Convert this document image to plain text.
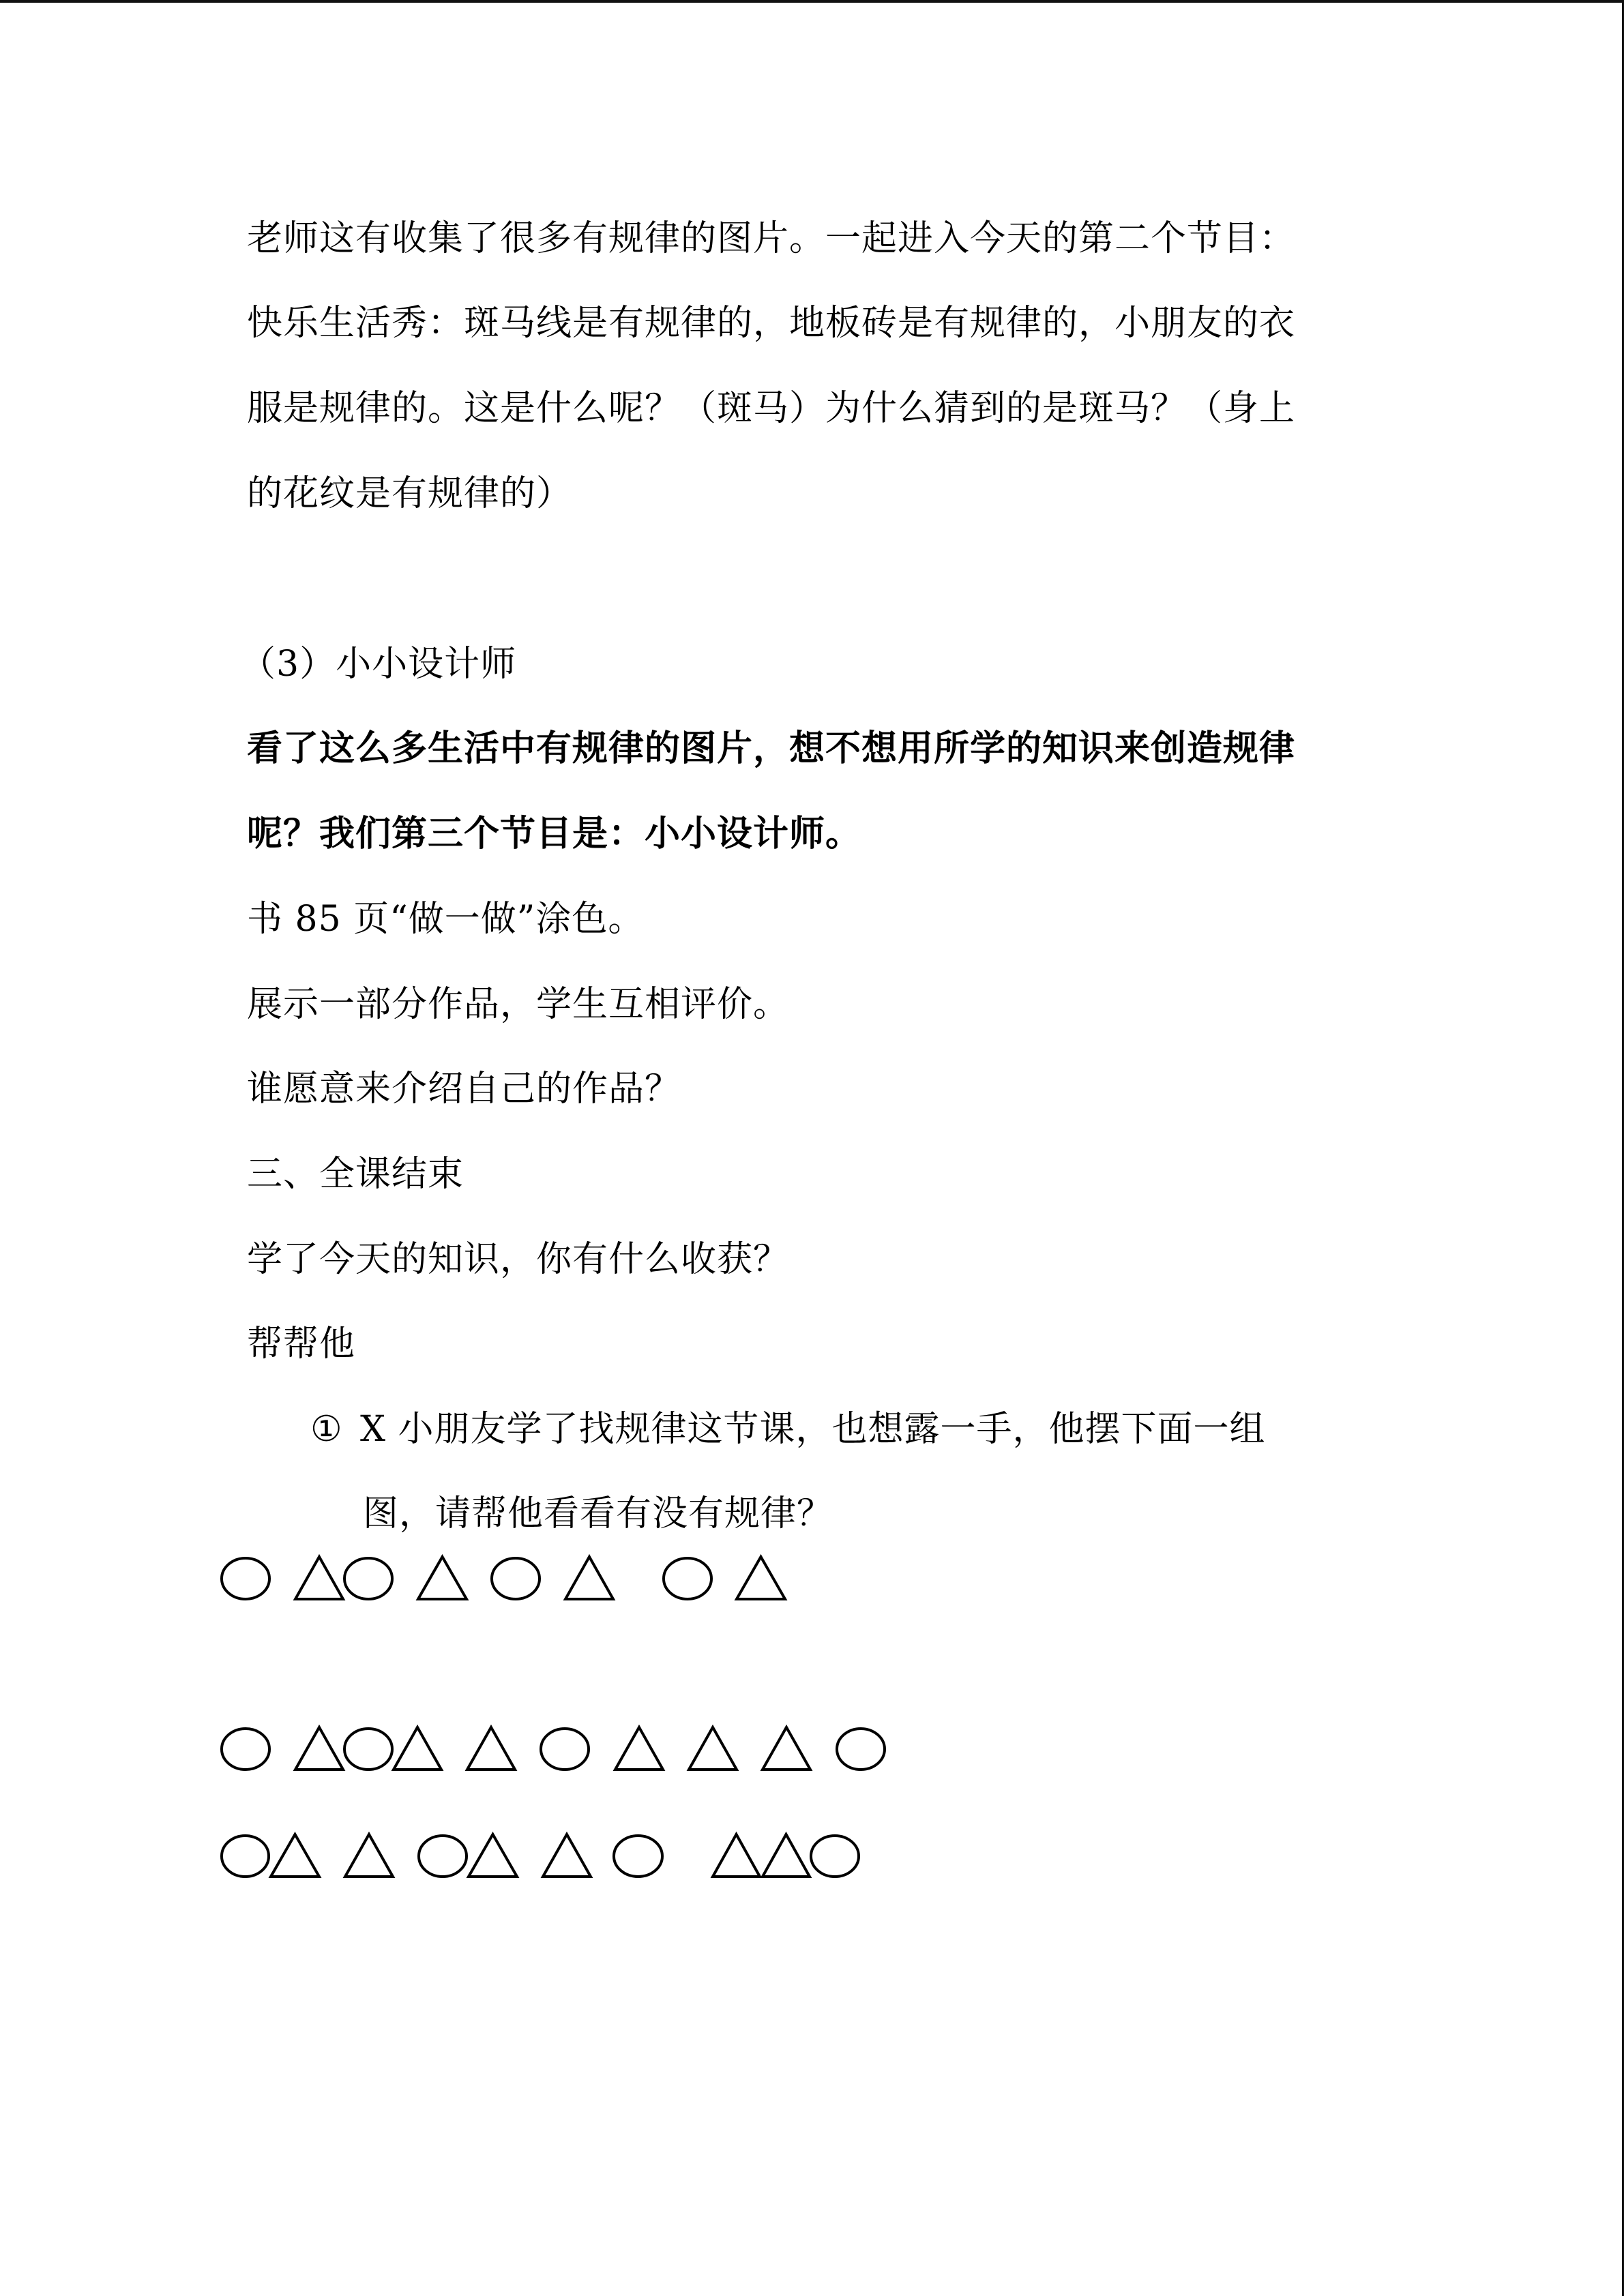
老师这有收集了很多有规律的图片。一起进入今天的第二个节目：
快乐生活秀：斑马线是有规律的，地板砖是有规律的，小朋友的衣
服是规律的。这是什么呢？（斑马）为什么猜到的是斑马？（身上
的花纹是有规律的）
（3）小小设计师
看了这么多生活中有规律的图片，想不想用所学的知识来创造规律
呢？我们第三个节目是：小小设计师。
书 85 页“做一做”涂色。
展示一部分作品，学生互相评价。
谁愿意来介绍自己的作品？
三、全课结束
学了今天的知识，你有什么收获？
帮帮他
① X 小朋友学了找规律这节课，也想露一手，他摆下面一组
图，请帮他看看有没有规律？
